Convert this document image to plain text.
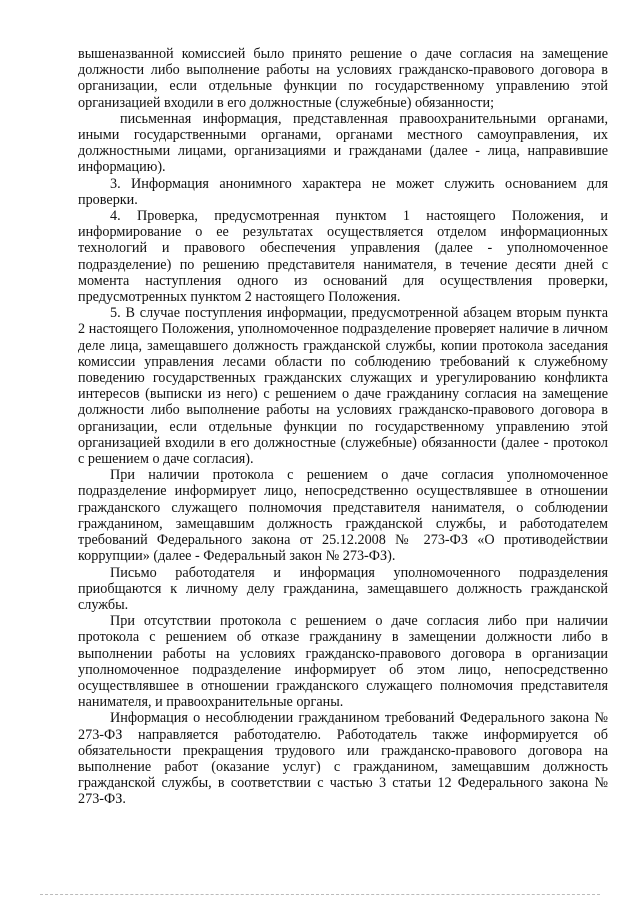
вышеназванной комиссией было принято решение о даче согласия на замещение должности либо выполнение работы на условиях гражданско-правового договора в организации, если отдельные функции по государственному управлению этой организацией входили в его должностные (служебные) обязанности;

письменная информация, представленная правоохранительными органами, иными государственными органами, органами местного самоуправления, их должностными лицами, организациями и гражданами (далее - лица, направившие информацию).

3. Информация анонимного характера не может служить основанием для проверки.

4. Проверка, предусмотренная пунктом 1 настоящего Положения, и информирование о ее результатах осуществляется отделом информационных технологий и правового обеспечения управления (далее - уполномоченное подразделение) по решению представителя нанимателя, в течение десяти дней с момента наступления одного из оснований для осуществления проверки, предусмотренных пунктом 2 настоящего Положения.

5. В случае поступления информации, предусмотренной абзацем вторым пункта 2 настоящего Положения, уполномоченное подразделение проверяет наличие в личном деле лица, замещавшего должность гражданской службы, копии протокола заседания комиссии управления лесами области по соблюдению требований к служебному поведению государственных гражданских служащих и урегулированию конфликта интересов (выписки из него) с решением о даче гражданину согласия на замещение должности либо выполнение работы на условиях гражданско-правового договора в организации, если отдельные функции по государственному управлению этой организацией входили в его должностные (служебные) обязанности (далее - протокол с решением о даче согласия).

При наличии протокола с решением о даче согласия уполномоченное подразделение информирует лицо, непосредственно осуществлявшее в отношении гражданского служащего полномочия представителя нанимателя, о соблюдении гражданином, замещавшим должность гражданской службы, и работодателем требований Федерального закона от 25.12.2008 № 273-ФЗ «О противодействии коррупции» (далее - Федеральный закон № 273-ФЗ).

Письмо работодателя и информация уполномоченного подразделения приобщаются к личному делу гражданина, замещавшего должность гражданской службы.

При отсутствии протокола с решением о даче согласия либо при наличии протокола с решением об отказе гражданину в замещении должности либо в выполнении работы на условиях гражданско-правового договора в организации уполномоченное подразделение информирует об этом лицо, непосредственно осуществлявшее в отношении гражданского служащего полномочия представителя нанимателя, и правоохранительные органы.

Информация о несоблюдении гражданином требований Федерального закона № 273-ФЗ направляется работодателю. Работодатель также информируется об обязательности прекращения трудового или гражданско-правового договора на выполнение работ (оказание услуг) с гражданином, замещавшим должность гражданской службы, в соответствии с частью 3 статьи 12 Федерального закона № 273-ФЗ.
